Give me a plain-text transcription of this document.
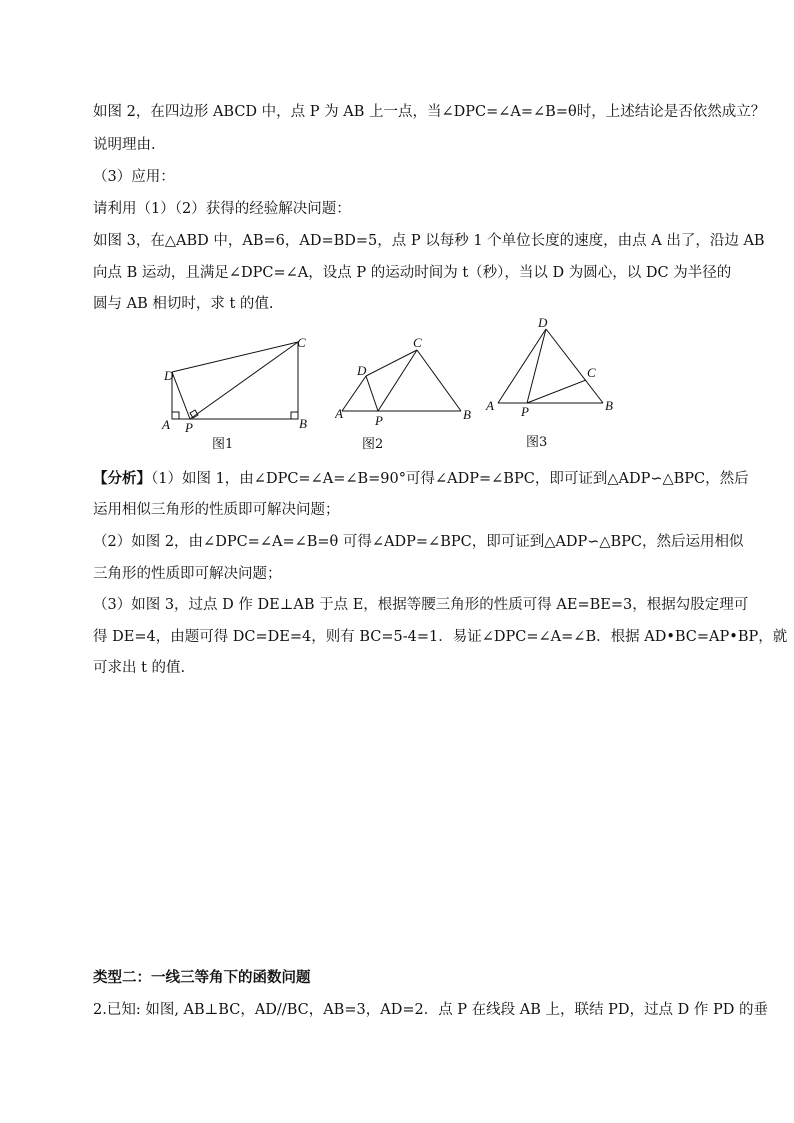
如图 2，在四边形 ABCD 中，点 P 为 AB 上一点，当∠DPC=∠A=∠B=θ时，上述结论是否依然成立？
说明理由.
（3）应用：
请利用（1）（2）获得的经验解决问题：
如图 3，在△ABD 中，AB=6，AD=BD=5，点 P 以每秒 1 个单位长度的速度，由点 A 出了，沿边 AB
向点 B 运动，且满足∠DPC=∠A，设点 P 的运动时间为 t（秒），当以 D 为圆心，以 DC 为半径的
圆与 AB 相切时，求 t 的值.
C
D
A P	B
图1
C
D
A P	B
图2
D
C
A P	B
图3
【分析】（1）如图 1，由∠DPC=∠A=∠B=90°可得∠ADP=∠BPC，即可证到△ADP∽△BPC，然后
运用相似三角形的性质即可解决问题；
（2）如图 2，由∠DPC=∠A=∠B=θ 可得∠ADP=∠BPC，即可证到△ADP∽△BPC，然后运用相似
三角形的性质即可解决问题；
（3）如图 3，过点 D 作 DE⊥AB 于点 E，根据等腰三角形的性质可得 AE=BE=3，根据勾股定理可
得 DE=4，由题可得 DC=DE=4，则有 BC=5-4=1．易证∠DPC=∠A=∠B．根据 AD•BC=AP•BP，就
可求出 t 的值.
类型二：一线三等角下的函数问题
2.已知: 如图, AB⊥BC，AD//BC，AB=3，AD=2．点 P 在线段 AB 上，联结 PD，过点 D 作 PD 的垂
